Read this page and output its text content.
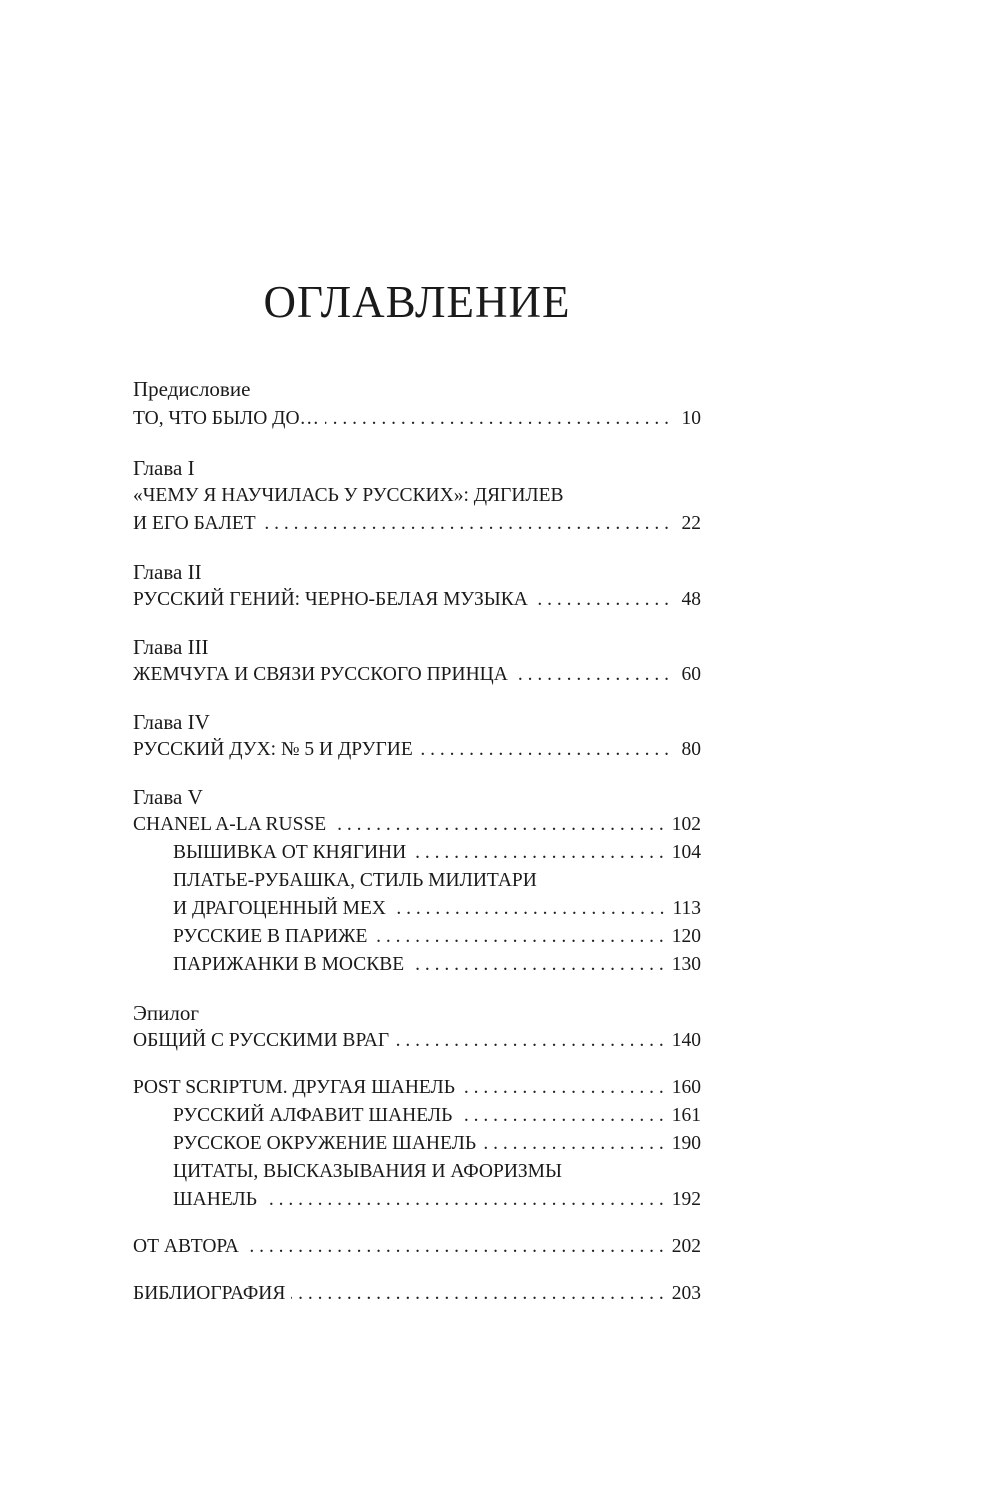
ОГЛАВЛЕНИЕ
Предисловие
ТО, ЧТО БЫЛО ДО… . . .	10
Глава I
«ЧЕМУ Я НАУЧИЛАСЬ У РУССКИХ»: ДЯГИЛЕВ
И ЕГО БАЛЕТ . . .	22
Глава II
РУССКИЙ ГЕНИЙ: ЧЕРНО-БЕЛАЯ МУЗЫКА . . .	48
Глава III
ЖЕМЧУГА И СВЯЗИ РУССКОГО ПРИНЦА . . .	60
Глава IV
РУССКИЙ ДУХ: № 5 И ДРУГИЕ . . .	80
Глава V
CHANEL A-LA RUSSE . . .	102
ВЫШИВКА ОТ КНЯГИНИ . . .	104
ПЛАТЬЕ-РУБАШКА, СТИЛЬ МИЛИТАРИ
И ДРАГОЦЕННЫЙ МЕХ . . .	113
РУССКИЕ В ПАРИЖЕ . . .	120
ПАРИЖАНКИ В МОСКВЕ . . .	130
Эпилог
ОБЩИЙ С РУССКИМИ ВРАГ . . .	140
POST SCRIPTUM. ДРУГАЯ ШАНЕЛЬ . . .	160
РУССКИЙ АЛФАВИТ ШАНЕЛЬ . . .	161
РУССКОЕ ОКРУЖЕНИЕ ШАНЕЛЬ . . .	190
ЦИТАТЫ, ВЫСКАЗЫВАНИЯ И АФОРИЗМЫ
ШАНЕЛЬ . . .	192
ОТ АВТОРА . . .	202
БИБЛИОГРАФИЯ . . .	203
